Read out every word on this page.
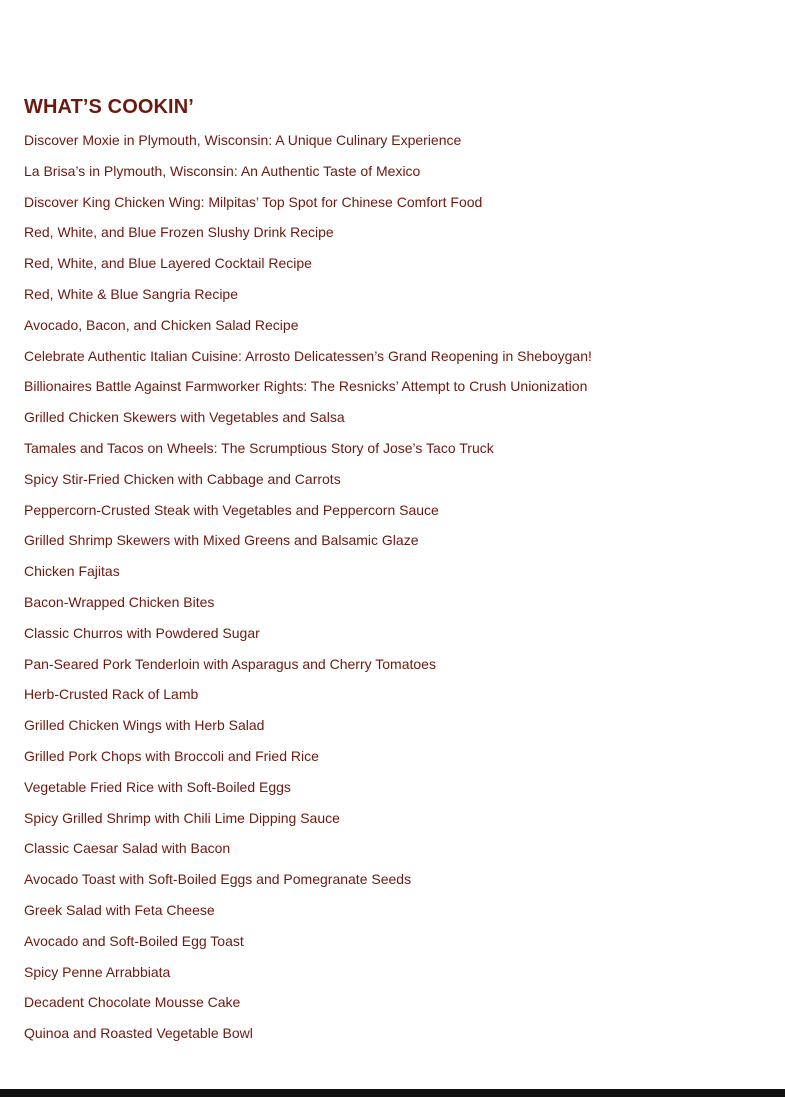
WHAT’S COOKIN’
Discover Moxie in Plymouth, Wisconsin: A Unique Culinary Experience
La Brisa’s in Plymouth, Wisconsin: An Authentic Taste of Mexico
Discover King Chicken Wing: Milpitas’ Top Spot for Chinese Comfort Food
Red, White, and Blue Frozen Slushy Drink Recipe
Red, White, and Blue Layered Cocktail Recipe
Red, White & Blue Sangria Recipe
Avocado, Bacon, and Chicken Salad Recipe
Celebrate Authentic Italian Cuisine: Arrosto Delicatessen’s Grand Reopening in Sheboygan!
Billionaires Battle Against Farmworker Rights: The Resnicks’ Attempt to Crush Unionization
Grilled Chicken Skewers with Vegetables and Salsa
Tamales and Tacos on Wheels: The Scrumptious Story of Jose’s Taco Truck
Spicy Stir-Fried Chicken with Cabbage and Carrots
Peppercorn-Crusted Steak with Vegetables and Peppercorn Sauce
Grilled Shrimp Skewers with Mixed Greens and Balsamic Glaze
Chicken Fajitas
Bacon-Wrapped Chicken Bites
Classic Churros with Powdered Sugar
Pan-Seared Pork Tenderloin with Asparagus and Cherry Tomatoes
Herb-Crusted Rack of Lamb
Grilled Chicken Wings with Herb Salad
Grilled Pork Chops with Broccoli and Fried Rice
Vegetable Fried Rice with Soft-Boiled Eggs
Spicy Grilled Shrimp with Chili Lime Dipping Sauce
Classic Caesar Salad with Bacon
Avocado Toast with Soft-Boiled Eggs and Pomegranate Seeds
Greek Salad with Feta Cheese
Avocado and Soft-Boiled Egg Toast
Spicy Penne Arrabbiata
Decadent Chocolate Mousse Cake
Quinoa and Roasted Vegetable Bowl
